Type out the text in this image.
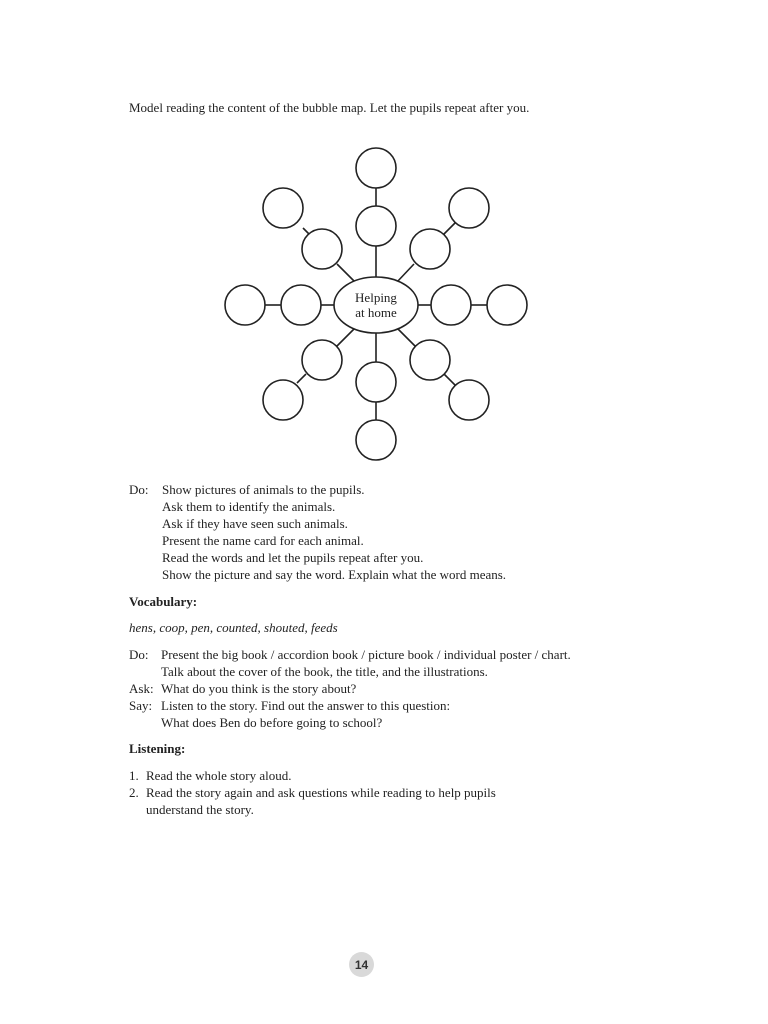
Model reading the content of the bubble map. Let the pupils repeat after you.
Helping
at home
Do:	Show pictures of animals to the pupils.
Ask them to identify the animals.
Ask if they have seen such animals.
Present the name card for each animal.
Read the words and let the pupils repeat after you.
Show the picture and say the word. Explain what the word means.
Vocabulary:
hens, coop, pen, counted, shouted, feeds
Do: Present the big book / accordion book / picture book / individual poster / chart.
Talk about the cover of the book, the title, and the illustrations.
Ask: What do you think is the story about?
Say: Listen to the story. Find out the answer to this question:
What does Ben do before going to school?
Listening:
1. Read the whole story aloud.
2. Read the story again and ask questions while reading to help pupils
understand the story.
14
